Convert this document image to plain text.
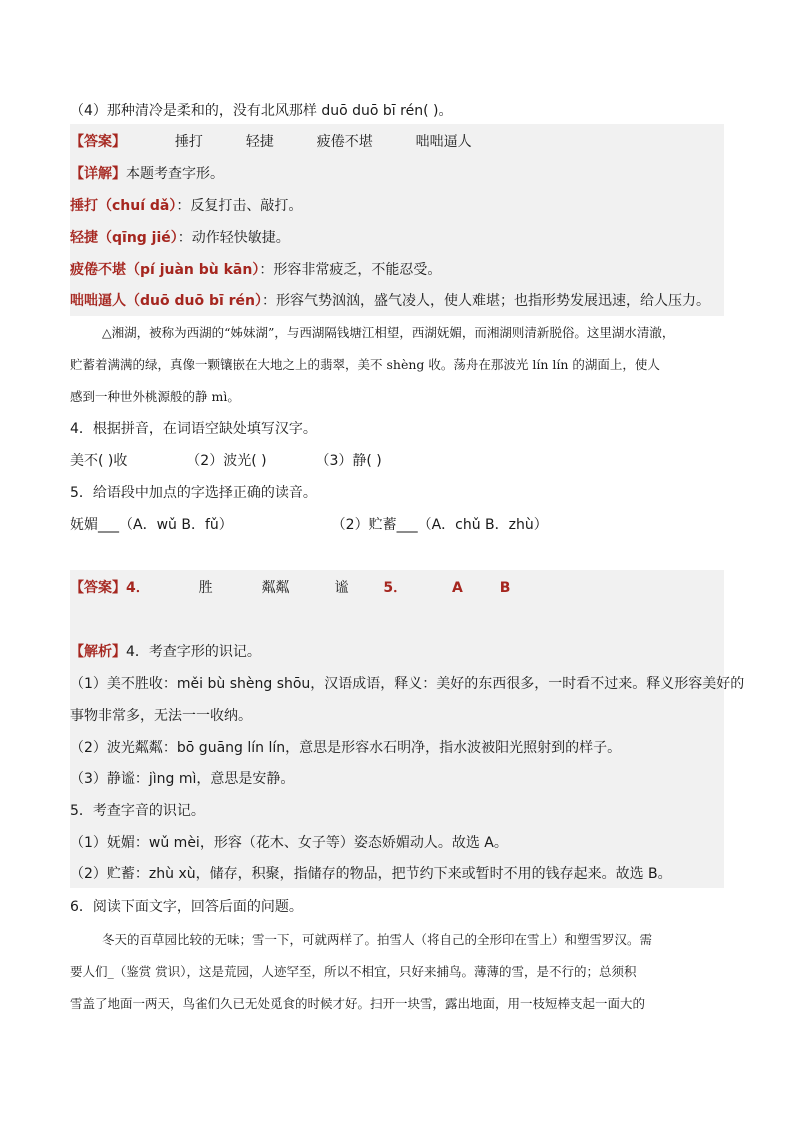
（4）那种清冷是柔和的，没有北风那样 duō duō bī rén( )。
【答案】	捶打	轻捷	疲倦不堪	咄咄逼人
【详解】本题考查字形。
捶打（chuí dǎ）：反复打击、敲打。
轻捷（qīng jié）：动作轻快敏捷。
疲倦不堪（pí juàn bù kān）：形容非常疲乏，不能忍受。
咄咄逼人（duō duō bī rén）：形容气势汹汹，盛气凌人，使人难堪；也指形势发展迅速，给人压力。
△湘湖，被称为西湖的“姊妹湖”，与西湖隔钱塘江相望，西湖妩媚，而湘湖则清新脱俗。这里湖水清澈，
贮蓄着满满的绿，真像一颗镶嵌在大地之上的翡翠，美不 shèng 收。荡舟在那波光 lín lín 的湖面上，使人
感到一种世外桃源般的静 mì。
4．根据拼音，在词语空缺处填写汉字。
美不( )收	（2）波光( )	（3）静( )
5．给语段中加点的字选择正确的读音。
妩媚___（A．wǔ B．fǔ）	（2）贮蓄___（A．chǔ B．zhù）
【答案】4．	胜	粼粼	谧 5．	A	B
【解析】4．考查字形的识记。
（1）美不胜收：měi bù shèng shōu，汉语成语，释义：美好的东西很多，一时看不过来。释义形容美好的
事物非常多，无法一一收纳。
（2）波光粼粼：bō guāng lín lín，意思是形容水石明净，指水波被阳光照射到的样子。
（3）静谧：jìng mì，意思是安静。
5．考查字音的识记。
（1）妩媚：wǔ mèi，形容（花木、女子等）姿态娇媚动人。故选 A。
（2）贮蓄：zhù xù，储存，积聚，指储存的物品，把节约下来或暂时不用的钱存起来。故选 B。
6．阅读下面文字，回答后面的问题。
冬天的百草园比较的无味；雪一下，可就两样了。拍雪人（将自己的全形印在雪上）和塑雪罗汉。需
要人们_（鉴赏 赏识），这是荒园，人迹罕至，所以不相宜，只好来捕鸟。薄薄的雪，是不行的；总须积
雪盖了地面一两天，鸟雀们久已无处觅食的时候才好。扫开一块雪，露出地面，用一枝短棒支起一面大的
